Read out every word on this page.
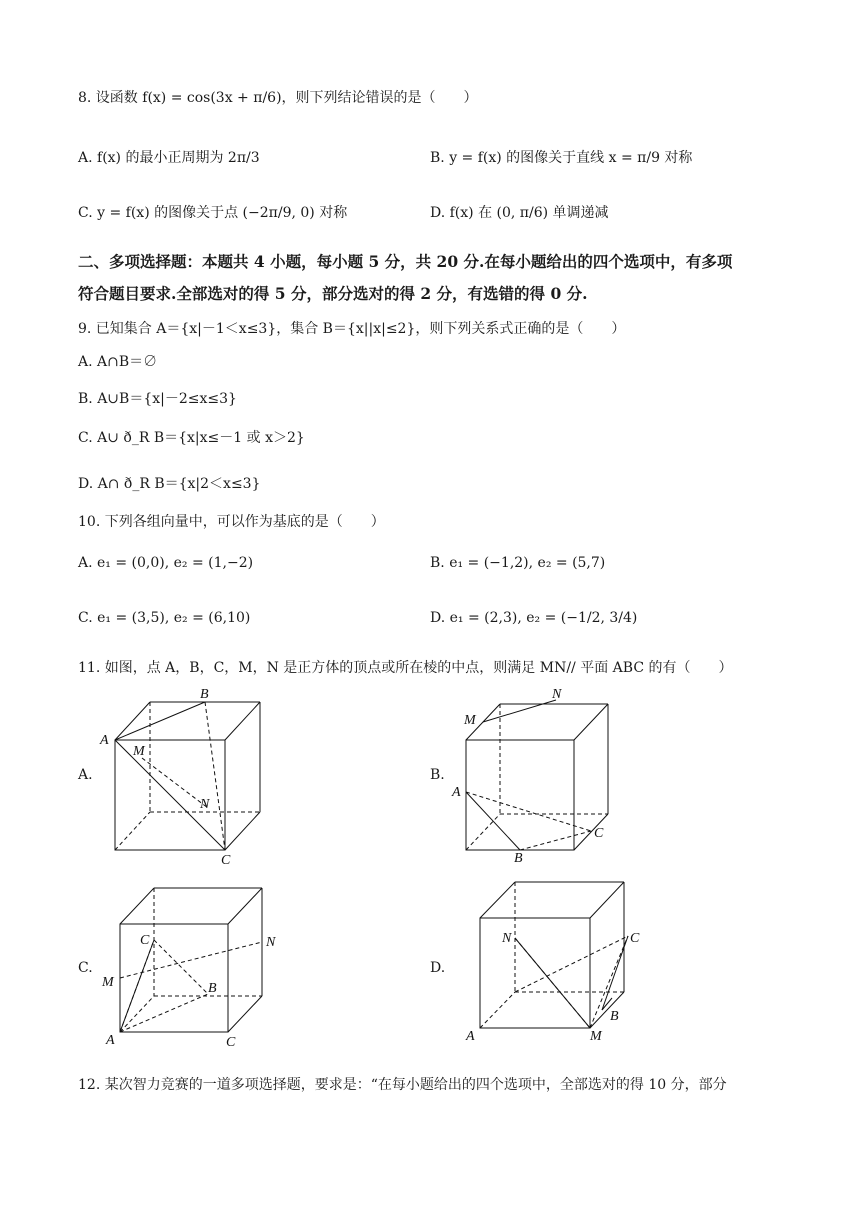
8. 设函数 f(x) = cos(3x + π/6)，则下列结论错误的是（　　）
A. f(x) 的最小正周期为 2π/3	B. y = f(x) 的图像关于直线 x = π/9 对称
C. y = f(x) 的图像关于点 (−2π/9, 0) 对称	D. f(x) 在 (0, π/6) 单调递减
二、多项选择题：本题共 4 小题，每小题 5 分，共 20 分.在每小题给出的四个选项中，有多项
符合题目要求.全部选对的得 5 分，部分选对的得 2 分，有选错的得 0 分.
9. 已知集合 A＝{x|－1＜x≤3}，集合 B＝{x||x|≤2}，则下列关系式正确的是（　　）
A. A∩B＝∅
B. A∪B＝{x|－2≤x≤3}
C. A∪ ð_R B＝{x|x≤－1 或 x＞2}
D. A∩ ð_R B＝{x|2＜x≤3}
10. 下列各组向量中，可以作为基底的是（　　）
A. e₁ = (0,0), e₂ = (1,−2)	B. e₁ = (−1,2), e₂ = (5,7)
C. e₁ = (3,5), e₂ = (6,10)	D. e₁ = (2,3), e₂ = (−1/2, 3/4)
11. 如图，点 A，B，C，M，N 是正方体的顶点或所在棱的中点，则满足 MN// 平面 ABC 的有（　　）
A.	B.
C.	D.
B
A
M
N
C
N
M
A
C
B
C	N
M	B
A	C
N	C
B
A	M
12. 某次智力竞赛的一道多项选择题，要求是：“在每小题给出的四个选项中，全部选对的得 10 分，部分
